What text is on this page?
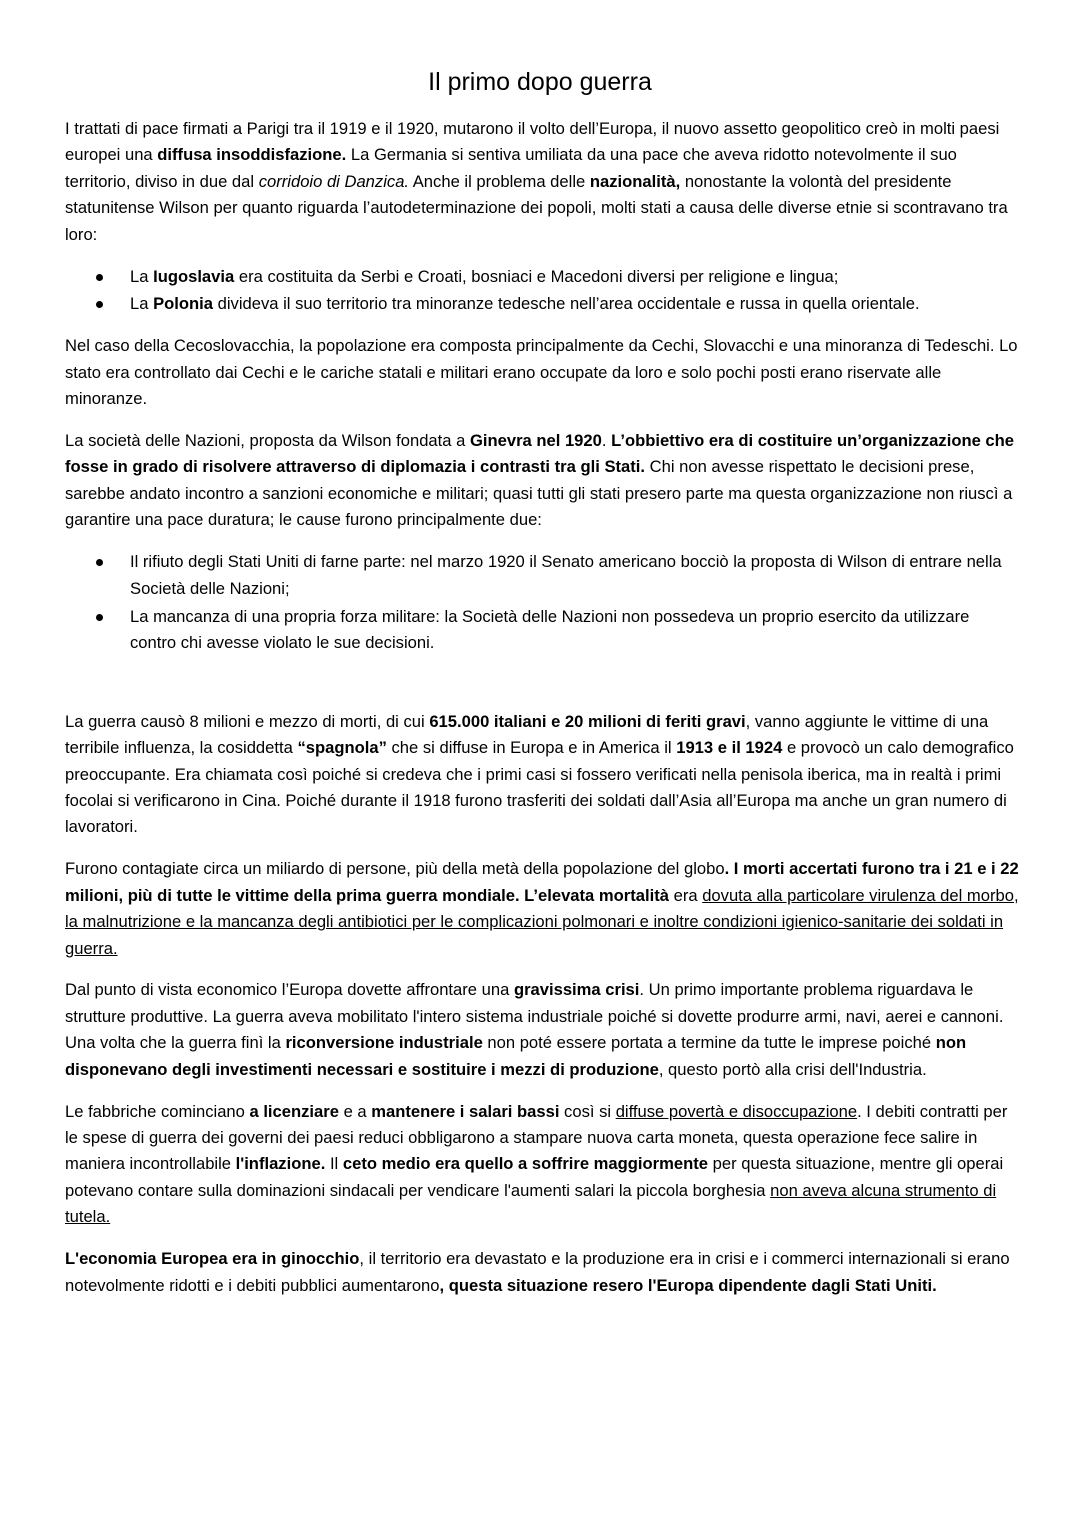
Il primo dopo guerra

I trattati di pace firmati a Parigi tra il 1919 e il 1920, mutarono il volto dell’Europa, il nuovo assetto geopolitico creò in molti paesi europei una diffusa insoddisfazione. La Germania si sentiva umiliata da una pace che aveva ridotto notevolmente il suo territorio, diviso in due dal corridoio di Danzica. Anche il problema delle nazionalità, nonostante la volontà del presidente statunitense Wilson per quanto riguarda l’autodeterminazione dei popoli, molti stati a causa delle diverse etnie si scontravano tra loro:

La Iugoslavia era costituita da Serbi e Croati, bosniaci e Macedoni diversi per religione e lingua;
La Polonia divideva il suo territorio tra minoranze tedesche nell’area occidentale e russa in quella orientale.

Nel caso della Cecoslovacchia, la popolazione era composta principalmente da Cechi, Slovacchi e una minoranza di Tedeschi. Lo stato era controllato dai Cechi e le cariche statali e militari erano occupate da loro e solo pochi posti erano riservate alle minoranze.

La società delle Nazioni, proposta da Wilson fondata a Ginevra nel 1920. L’obbiettivo era di costituire un’organizzazione che fosse in grado di risolvere attraverso di diplomazia i contrasti tra gli Stati. Chi non avesse rispettato le decisioni prese, sarebbe andato incontro a sanzioni economiche e militari; quasi tutti gli stati presero parte ma questa organizzazione non riuscì a garantire una pace duratura; le cause furono principalmente due:

Il rifiuto degli Stati Uniti di farne parte: nel marzo 1920 il Senato americano bocciò la proposta di Wilson di entrare nella Società delle Nazioni;
La mancanza di una propria forza militare: la Società delle Nazioni non possedeva un proprio esercito da utilizzare contro chi avesse violato le sue decisioni.

La guerra causò 8 milioni e mezzo di morti, di cui 615.000 italiani e 20 milioni di feriti gravi, vanno aggiunte le vittime di una terribile influenza, la cosiddetta “spagnola” che si diffuse in Europa e in America il 1913 e il 1924 e provocò un calo demografico preoccupante. Era chiamata così poiché si credeva che i primi casi si fossero verificati nella penisola iberica, ma in realtà i primi focolai si verificarono in Cina. Poiché durante il 1918 furono trasferiti dei soldati dall’Asia all’Europa ma anche un gran numero di lavoratori.

Furono contagiate circa un miliardo di persone, più della metà della popolazione del globo. I morti accertati furono tra i 21 e i 22 milioni, più di tutte le vittime della prima guerra mondiale. L’elevata mortalità era dovuta alla particolare virulenza del morbo, la malnutrizione e la mancanza degli antibiotici per le complicazioni polmonari e inoltre condizioni igienico-sanitarie dei soldati in guerra.

Dal punto di vista economico l’Europa dovette affrontare una gravissima crisi. Un primo importante problema riguardava le strutture produttive. La guerra aveva mobilitato l'intero sistema industriale poiché si dovette produrre armi, navi, aerei e cannoni. Una volta che la guerra finì la riconversione industriale non poté essere portata a termine da tutte le imprese poiché non disponevano degli investimenti necessari e sostituire i mezzi di produzione, questo portò alla crisi dell'Industria.

Le fabbriche cominciano a licenziare e a mantenere i salari bassi così si diffuse povertà e disoccupazione. I debiti contratti per le spese di guerra dei governi dei paesi reduci obbligarono a stampare nuova carta moneta, questa operazione fece salire in maniera incontrollabile l'inflazione. Il ceto medio era quello a soffrire maggiormente per questa situazione, mentre gli operai potevano contare sulla dominazioni sindacali per vendicare l'aumenti salari la piccola borghesia non aveva alcuna strumento di tutela.

L'economia Europea era in ginocchio, il territorio era devastato e la produzione era in crisi e i commerci internazionali si erano notevolmente ridotti e i debiti pubblici aumentarono, questa situazione resero l'Europa dipendente dagli Stati Uniti.
